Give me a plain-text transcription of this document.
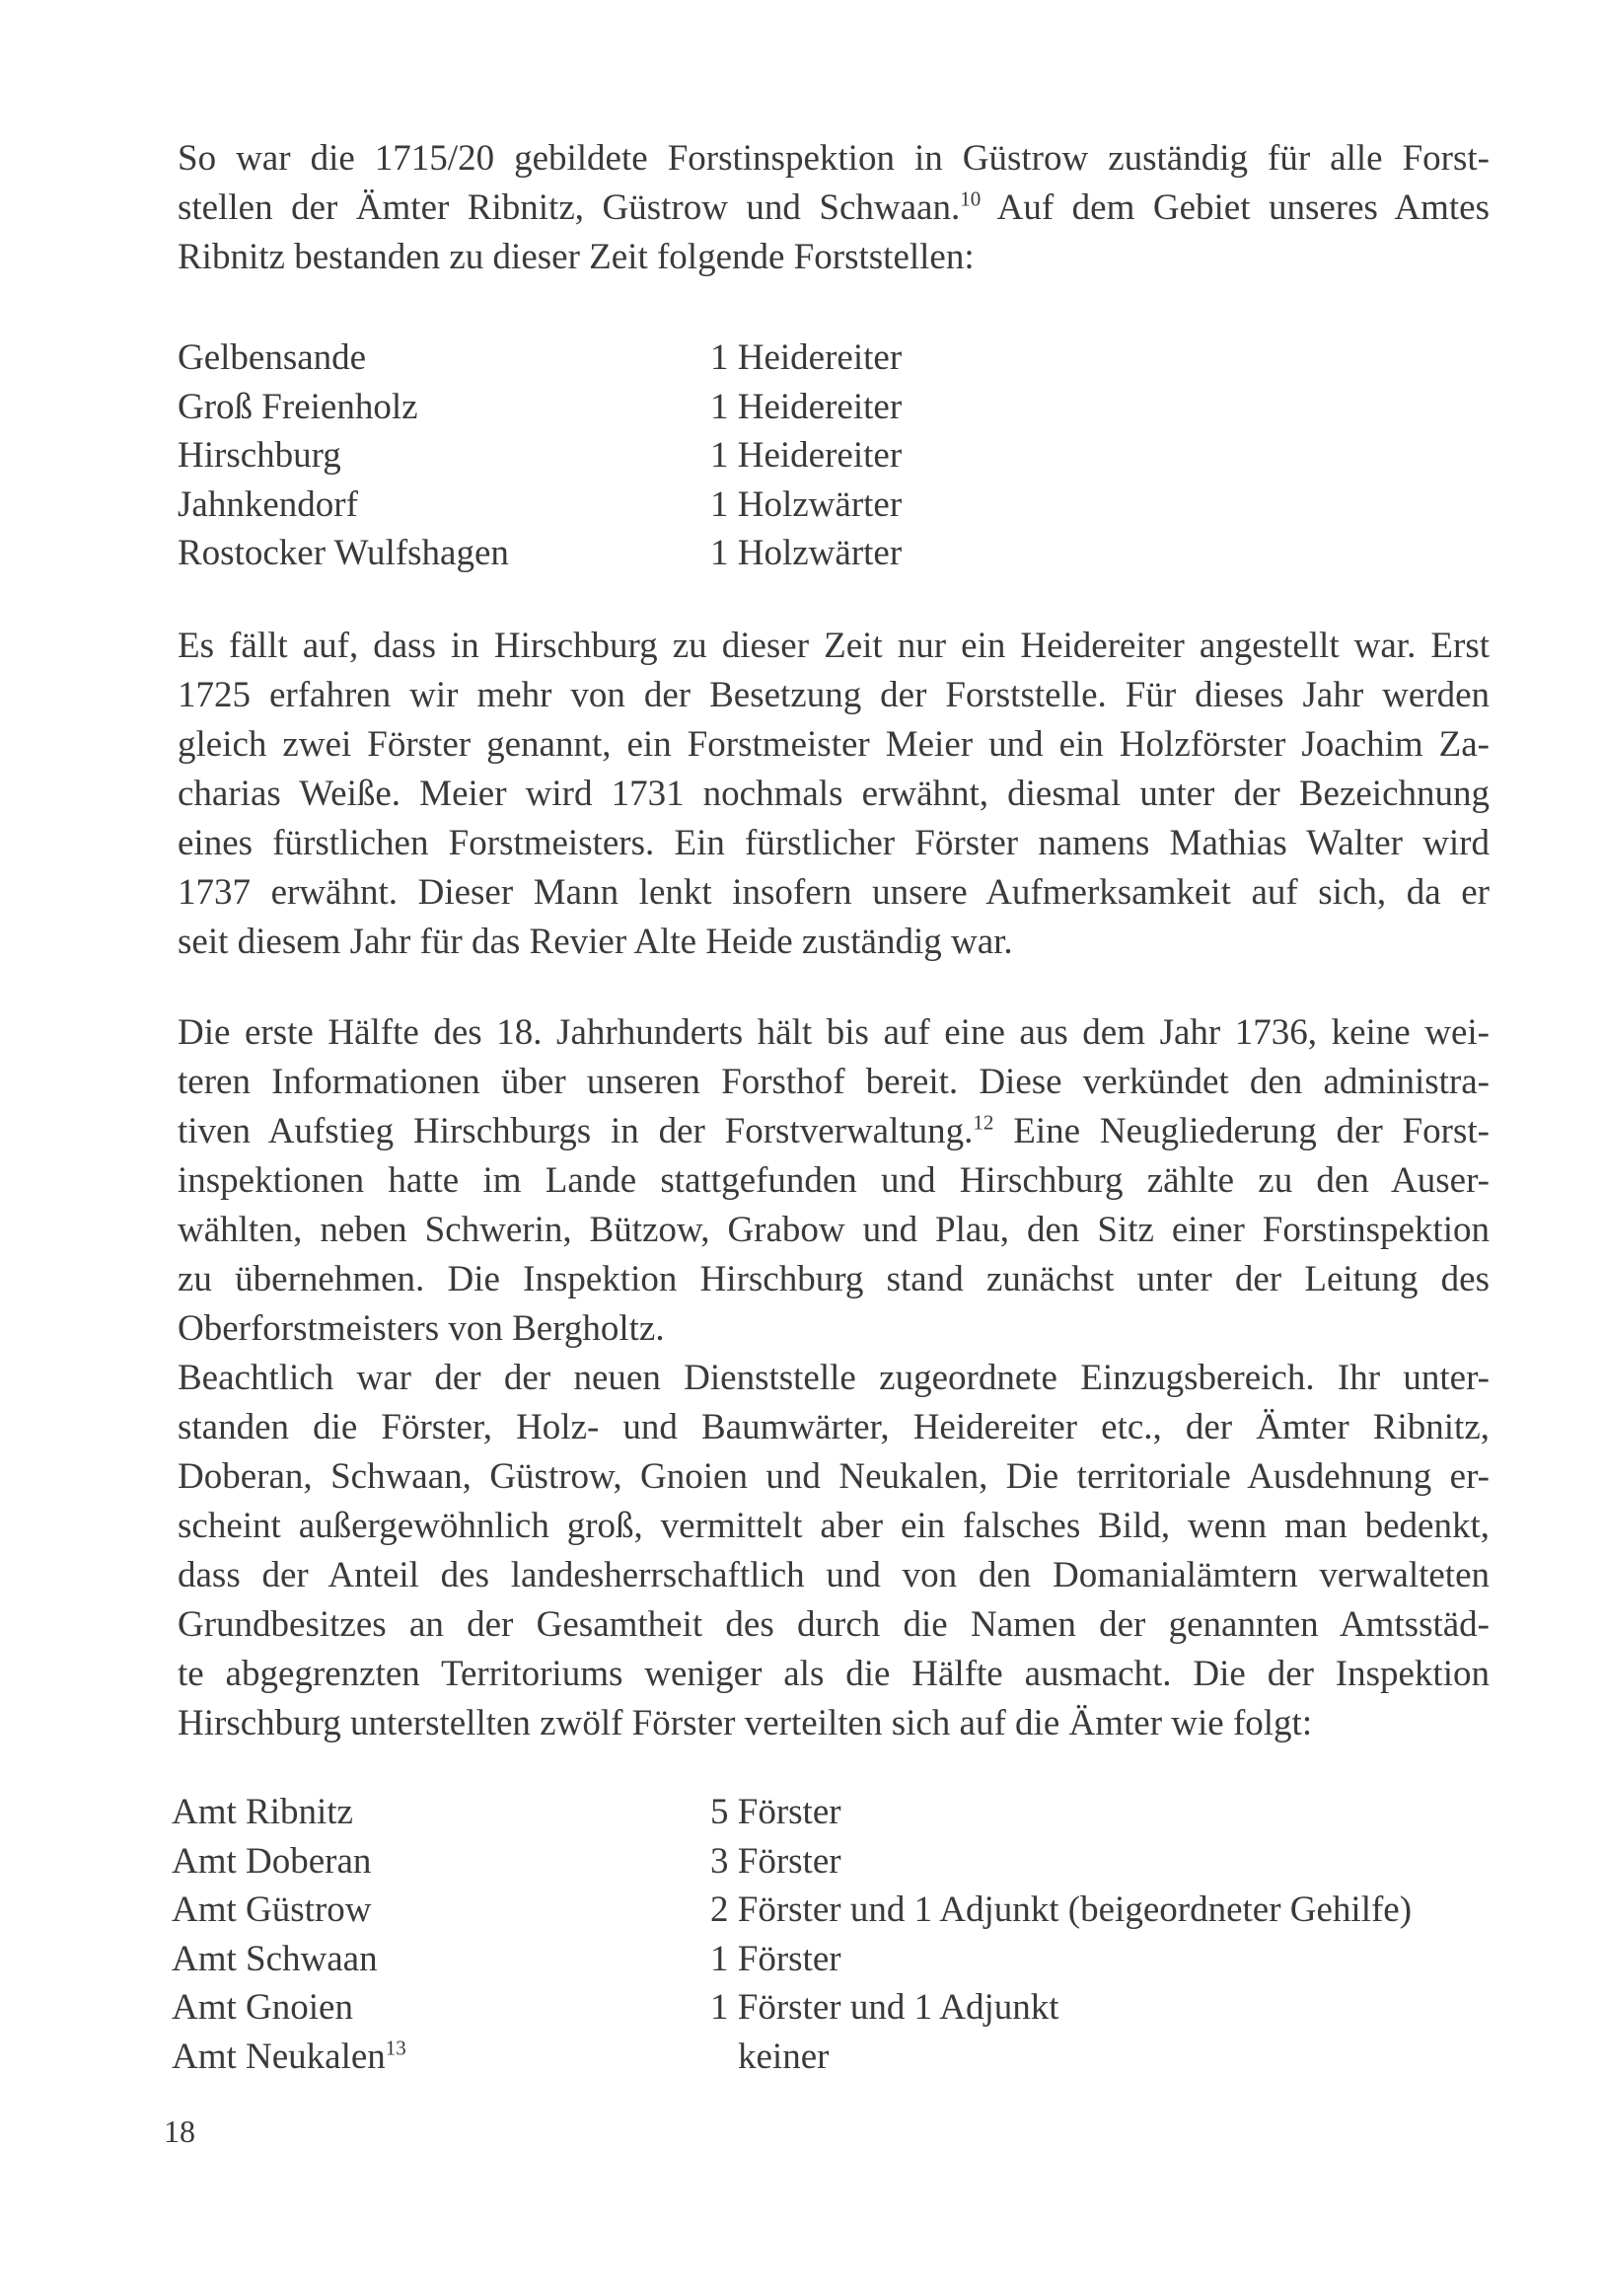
So war die 1715/20 gebildete Forstinspektion in Güstrow zuständig für alle Forst-
stellen der Ämter Ribnitz, Güstrow und Schwaan.$^{10}$ Auf dem Gebiet unseres Amtes
Ribnitz bestanden zu dieser Zeit folgende Forststellen:
Gelbensande	1 Heidereiter
Groß Freienholz	1 Heidereiter
Hirschburg	1 Heidereiter
Jahnkendorf	1 Holzwärter
Rostocker Wulfshagen	1 Holzwärter
Es fällt auf, dass in Hirschburg zu dieser Zeit nur ein Heidereiter angestellt war. Erst
1725 erfahren wir mehr von der Besetzung der Forststelle. Für dieses Jahr werden
gleich zwei Förster genannt, ein Forstmeister Meier und ein Holzförster Joachim Za-
charias Weiße. Meier wird 1731 nochmals erwähnt, diesmal unter der Bezeichnung
eines fürstlichen Forstmeisters. Ein fürstlicher Förster namens Mathias Walter wird
1737 erwähnt. Dieser Mann lenkt insofern unsere Aufmerksamkeit auf sich, da er
seit diesem Jahr für das Revier Alte Heide zuständig war.
Die erste Hälfte des 18. Jahrhunderts hält bis auf eine aus dem Jahr 1736, keine wei-
teren Informationen über unseren Forsthof bereit. Diese verkündet den administra-
tiven Aufstieg Hirschburgs in der Forstverwaltung.$^{12}$ Eine Neugliederung der Forst-
inspektionen hatte im Lande stattgefunden und Hirschburg zählte zu den Auser-
wählten, neben Schwerin, Bützow, Grabow und Plau, den Sitz einer Forstinspektion
zu übernehmen. Die Inspektion Hirschburg stand zunächst unter der Leitung des
Oberforstmeisters von Bergholtz.
Beachtlich war der der neuen Dienststelle zugeordnete Einzugsbereich. Ihr unter-
standen die Förster, Holz- und Baumwärter, Heidereiter etc., der Ämter Ribnitz,
Doberan, Schwaan, Güstrow, Gnoien und Neukalen, Die territoriale Ausdehnung er-
scheint außergewöhnlich groß, vermittelt aber ein falsches Bild, wenn man bedenkt,
dass der Anteil des landesherrschaftlich und von den Domanialämtern verwalteten
Grundbesitzes an der Gesamtheit des durch die Namen der genannten Amtsstäd-
te abgegrenzten Territoriums weniger als die Hälfte ausmacht. Die der Inspektion
Hirschburg unterstellten zwölf Förster verteilten sich auf die Ämter wie folgt:
Amt Ribnitz	5 Förster
Amt Doberan	3 Förster
Amt Güstrow	2 Förster und 1 Adjunkt (beigeordneter Gehilfe)
Amt Schwaan	1 Förster
Amt Gnoien	1 Förster und 1 Adjunkt
Amt Neukalen$^{13}$	keiner
18
